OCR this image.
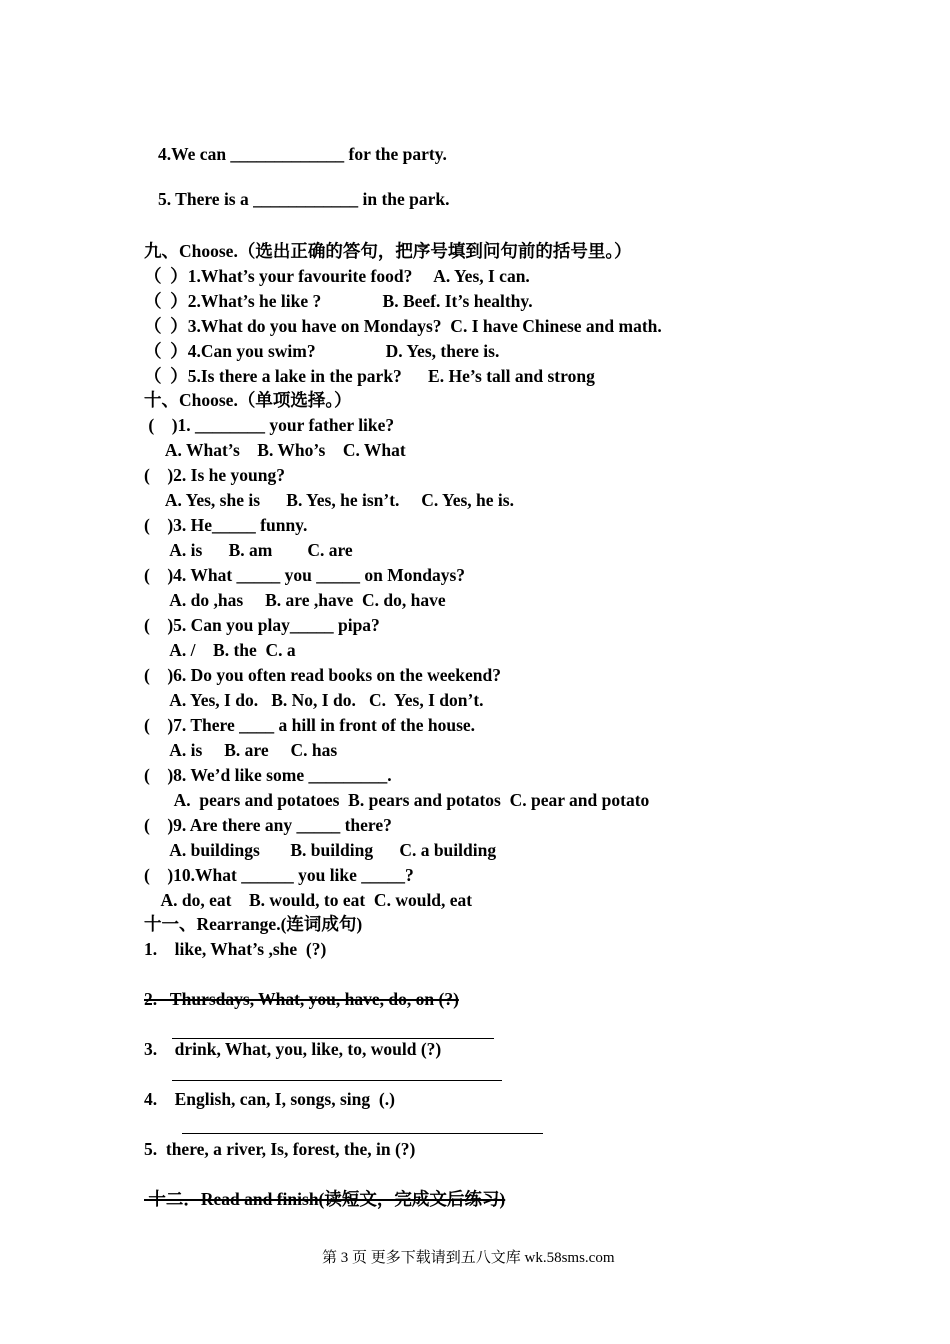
4.We can _____________ for the party.
5. There is a ____________ in the park.
九、Choose.（选出正确的答句，把序号填到问句前的括号里。）
（  ）1.What’s your favourite food?     A. Yes, I can.
（  ）2.What’s he like ?              B. Beef. It’s healthy.
（  ）3.What do you have on Mondays?  C. I have Chinese and math.
（  ）4.Can you swim?                D. Yes, there is.
（  ）5.Is there a lake in the park?      E. He’s tall and strong
十、Choose.（单项选择。）
(    )1. ________ your father like?
A. What’s    B. Who’s    C. What
(    )2. Is he young?
A. Yes, she is      B. Yes, he isn’t.     C. Yes, he is.
(    )3. He_____ funny.
A. is      B. am        C. are
(    )4. What _____ you _____ on Mondays?
A. do ,has     B. are ,have  C. do, have
(    )5. Can you play_____ pipa?
A. /    B. the  C. a
(    )6. Do you often read books on the weekend?
A. Yes, I do.   B. No, I do.   C.  Yes, I don’t.
(    )7. There ____ a hill in front of the house.
A. is     B. are     C. has
(    )8. We’d like some _________.
A.  pears and potatoes  B. pears and potatos  C. pear and potato
(    )9. Are there any _____ there?
A. buildings       B. building      C. a building
(    )10.What ______ you like _____?
A. do, eat    B. would, to eat  C. would, eat
十一、Rearrange.(连词成句)
1.    like, What’s ,she  (?)
2.   Thursdays, What, you, have, do, on (?)
3.    drink, What, you, like, to, would (?)
4.    English, can, I, songs, sing  (.)
5.  there, a river, Is, forest, the, in (?)
十二．Read and finish(读短文，完成文后练习)
第 3 页 更多下载请到五八文库 wk.58sms.com
